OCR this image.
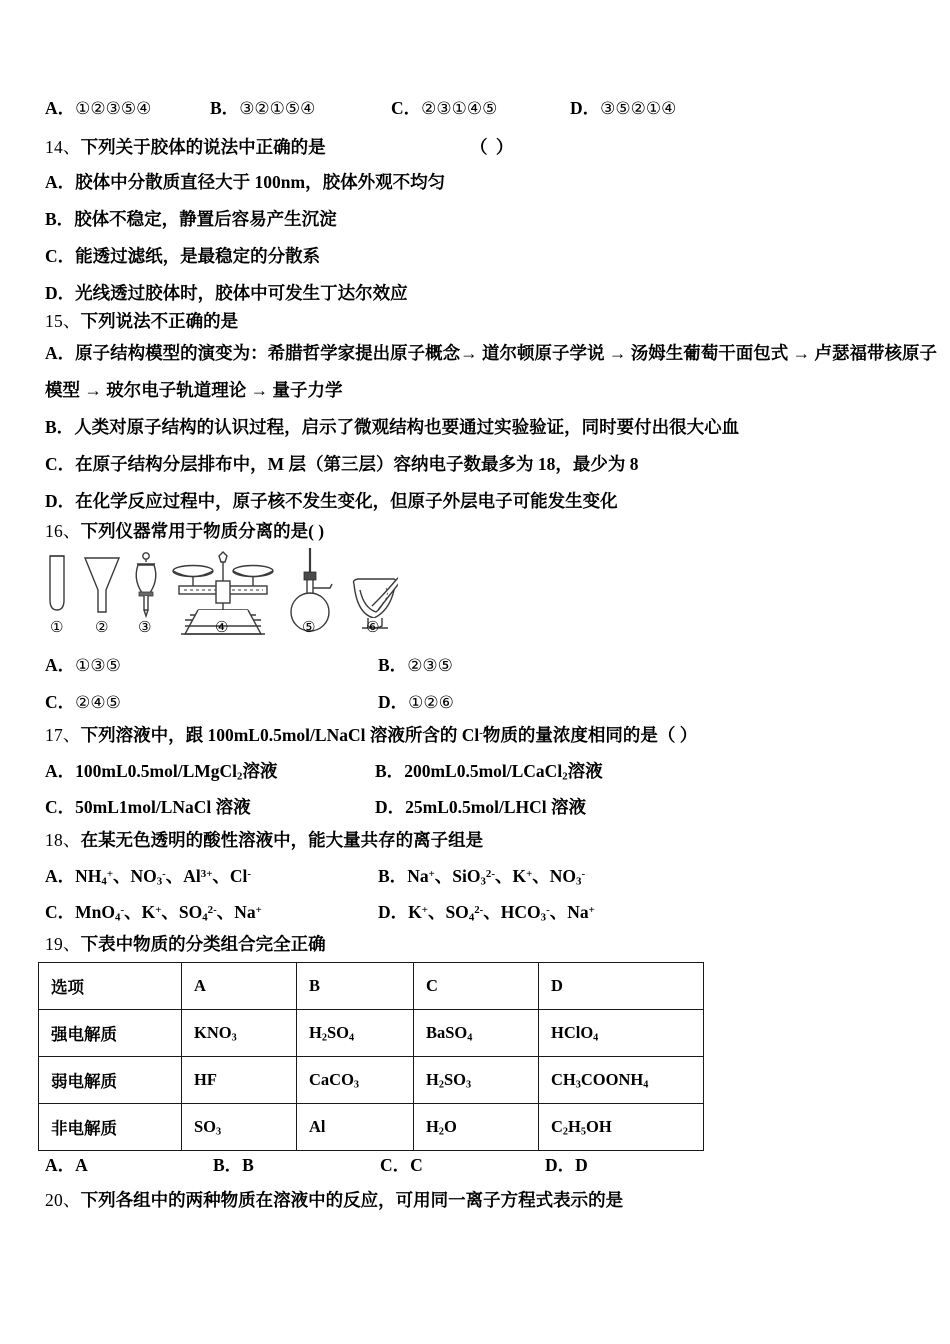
A．①②③⑤④	B．③②①⑤④	C．②③①④⑤	D．③⑤②①④
14、下列关于胶体的说法中正确的是	（ ）
A．胶体中分散质直径大于 100nm，胶体外观不均匀
B．胶体不稳定，静置后容易产生沉淀
C．能透过滤纸，是最稳定的分散系
D．光线透过胶体时，胶体中可发生丁达尔效应
15、下列说法不正确的是
A．原子结构模型的演变为：希腊哲学家提出原子概念→ 道尔顿原子学说 → 汤姆生葡萄干面包式 → 卢瑟福带核原子
模型 → 玻尔电子轨道理论 → 量子力学
B．人类对原子结构的认识过程，启示了微观结构也要通过实验验证，同时要付出很大心血
C．在原子结构分层排布中，M 层（第三层）容纳电子数最多为 18，最少为 8
D．在化学反应过程中，原子核不发生变化，但原子外层电子可能发生变化
16、下列仪器常用于物质分离的是( )
① ② ③	④	⑤	⑥
A．①③⑤	B．②③⑤
C．②④⑤	D．①②⑥
17、下列溶液中，跟 100mL0.5mol/LNaCl 溶液所含的 Cl-物质的量浓度相同的是（ ）
A．100mL0.5mol/LMgCl$_2$溶液	B．200mL0.5mol/LCaCl$_2$溶液
C．50mL1mol/LNaCl 溶液	D．25mL0.5mol/LHCl 溶液
18、在某无色透明的酸性溶液中，能大量共存的离子组是
A．$NH_4^+$、$NO_3^-$、$Al^{3+}$、Cl-	B．Na+、SiO$_3^{2-}$、K+、$NO_3^-$
C．MnO$_4$-、K+、$SO_4^{2-}$、Na+	D．K+、$SO_4^{2-}$、$HCO_3^-$、Na+
19、下表中物质的分类组合完全正确
选项	A	B	C	D
强电解质	$KNO_3$	$H_2SO_4$	BaSO$_4$	HClO$_4$
弱电解质	HF	CaCO$_3$	$H_2SO_3$	$CH_3COONH_4$
非电解质	$SO_3$	Al	$H_2O$	$C_2H_5OH$
A．A	B．B	C．C	D．D
20、下列各组中的两种物质在溶液中的反应，可用同一离子方程式表示的是
